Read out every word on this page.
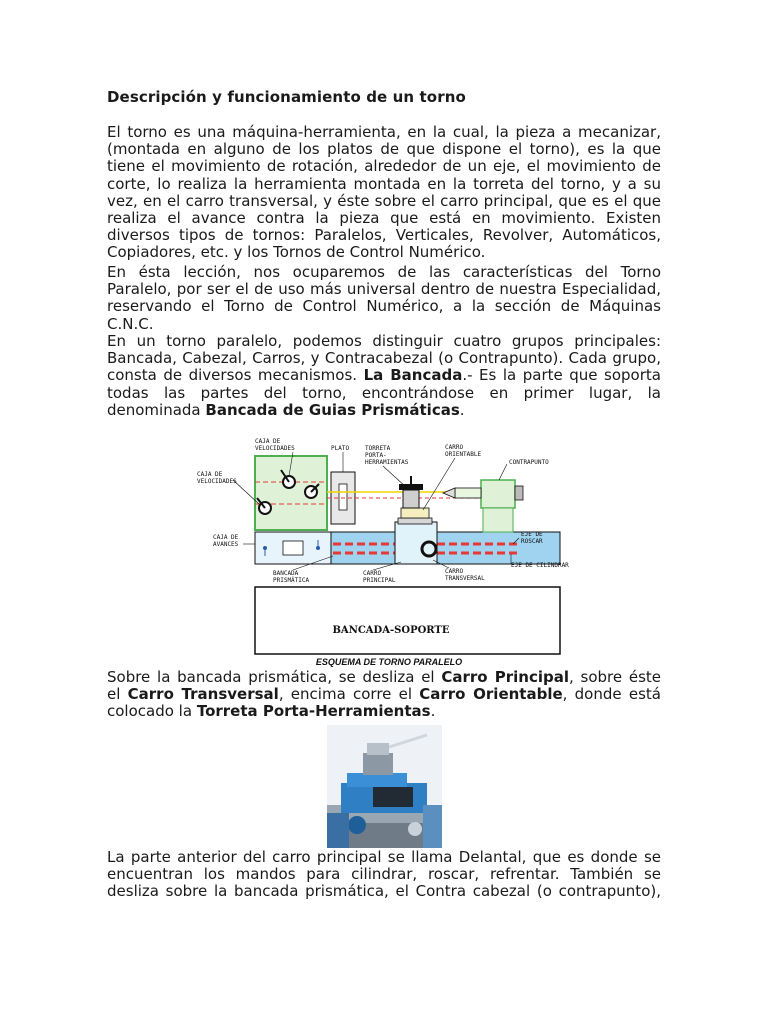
Descripción y funcionamiento de un torno
El torno es una máquina-herramienta, en la cual, la pieza a mecanizar,
(montada en alguno de los platos de que dispone el torno), es la que
tiene el movimiento de rotación, alrededor de un eje, el movimiento de
corte, lo realiza la herramienta montada en la torreta del torno, y a su
vez, en el carro transversal, y éste sobre el carro principal, que es el que
realiza el avance contra la pieza que está en movimiento. Existen
diversos tipos de tornos: Paralelos, Verticales, Revolver, Automáticos,
Copiadores, etc. y los Tornos de Control Numérico.
En ésta lección, nos ocuparemos de las características del Torno
Paralelo, por ser el de uso más universal dentro de nuestra Especialidad,
reservando el Torno de Control Numérico, a la sección de Máquinas
C.N.C.
En un torno paralelo, podemos distinguir cuatro grupos principales:
Bancada, Cabezal, Carros, y Contracabezal (o Contrapunto). Cada grupo,
consta de diversos mecanismos. La Bancada.- Es la parte que soporta
todas las partes del torno, encontrándose en primer lugar, la
denominada Bancada de Guias Prismáticas.
BANCADA-SOPORTE
CAJA DE
VELOCIDADES	PLATO	TORRETA
PORTA-
HERRAMIENTAS
CARRO
ORIENTABLE
CONTRAPUNTO
CAJA DE
VELOCIDADES
CAJA DE
AVANCES
EJE DE
ROSCAR
EJE DE CILINDRAR
BANCADA
PRISMÁTICA
CARRO
PRINCIPAL
CARRO
TRANSVERSAL
ESQUEMA DE TORNO PARALELO
Sobre la bancada prismática, se desliza el Carro Principal, sobre éste
el Carro Transversal, encima corre el Carro Orientable, donde está
colocado la Torreta Porta-Herramientas.
La parte anterior del carro principal se llama Delantal, que es donde se
encuentran los mandos para cilindrar, roscar, refrentar. También se
desliza sobre la bancada prismática, el Contra cabezal (o contrapunto),
